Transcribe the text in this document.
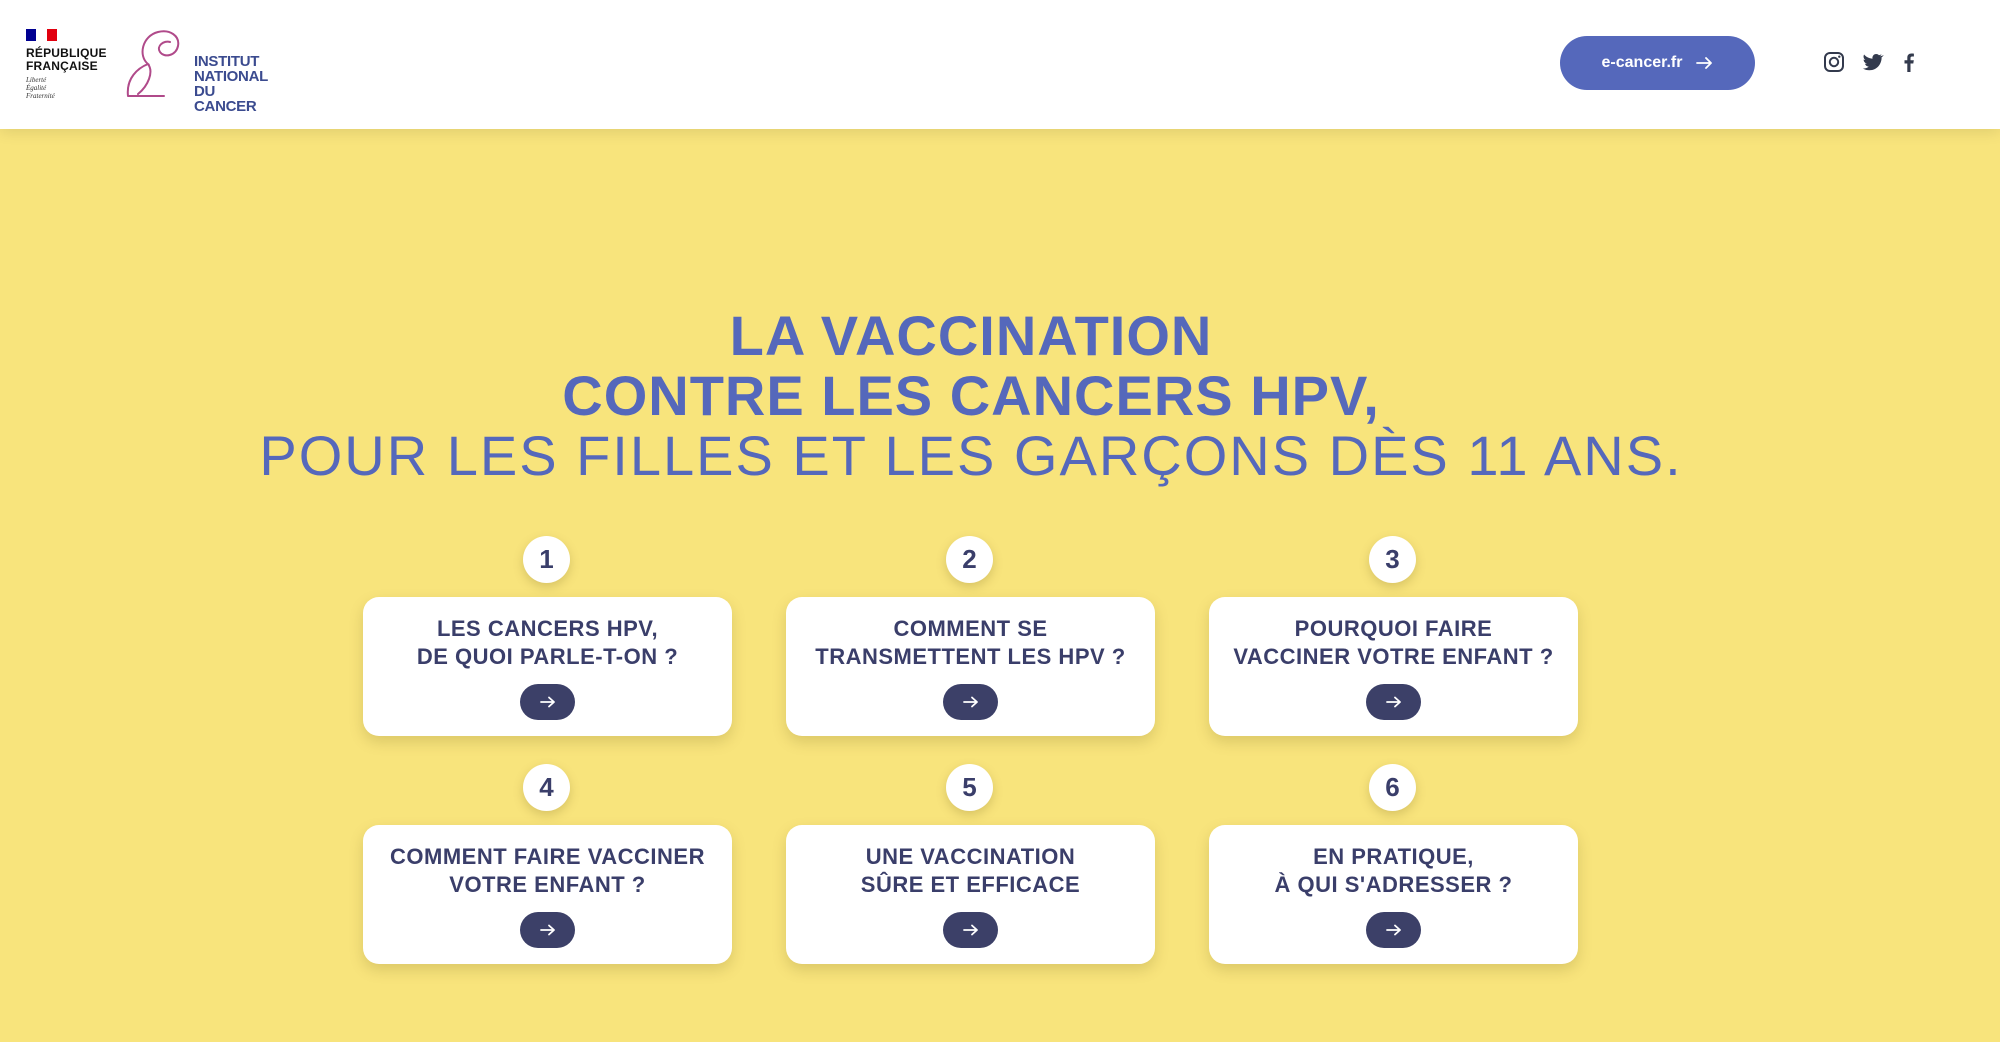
RÉPUBLIQUE
FRANÇAISE
Liberté
Égalité
Fraternité
INSTITUT
NATIONAL
DU CANCER
e-cancer.fr
LA VACCINATION
CONTRE LES CANCERS HPV,
POUR LES FILLES ET LES GARÇONS DÈS 11 ANS.
1
LES CANCERS HPV,
DE QUOI PARLE-T-ON ?
2
COMMENT SE
TRANSMETTENT LES HPV ?
3
POURQUOI FAIRE
VACCINER VOTRE ENFANT ?
4
COMMENT FAIRE VACCINER
VOTRE ENFANT ?
5
UNE VACCINATION
SÛRE ET EFFICACE
6
EN PRATIQUE,
À QUI S'ADRESSER ?
